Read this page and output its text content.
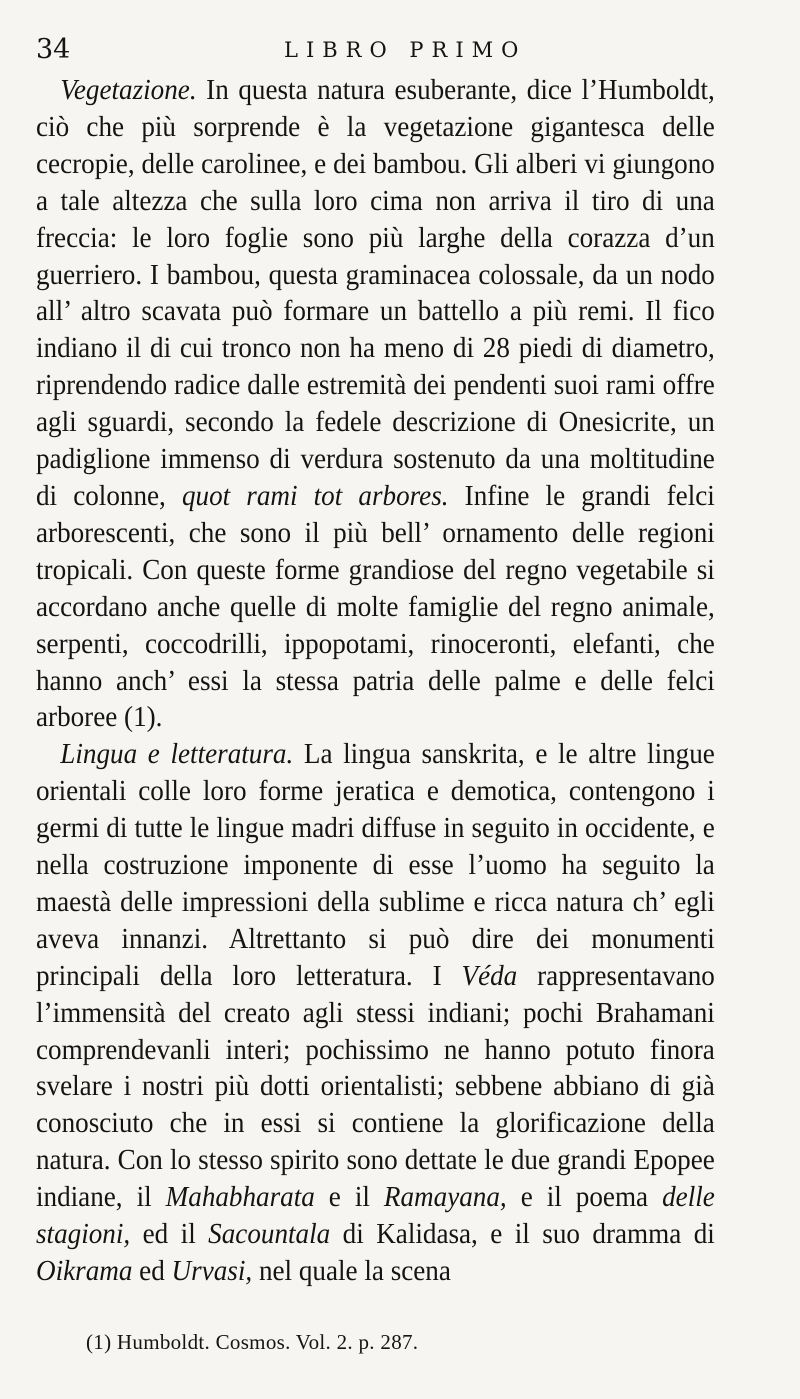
34	LIBRO PRIMO

Vegetazione. In questa natura esuberante, dice l’Humboldt, ciò che più sorprende è la vegetazione gigantesca delle cecropie, delle carolinee, e dei bambou. Gli alberi vi giungono a tale altezza che sulla loro cima non arriva il tiro di una freccia: le loro foglie sono più larghe della corazza d’un guerriero. I bambou, questa graminacea colossale, da un nodo all’ altro scavata può formare un battello a più remi. Il fico indiano il di cui tronco non ha meno di 28 piedi di diametro, riprendendo radice dalle estremità dei pendenti suoi rami offre agli sguardi, secondo la fedele descrizione di Onesicrite, un padiglione immenso di verdura sostenuto da una moltitudine di colonne, quot rami tot arbores. Infine le grandi felci arborescenti, che sono il più bell’ ornamento delle regioni tropicali. Con queste forme grandiose del regno vegetabile si accordano anche quelle di molte famiglie del regno animale, serpenti, coccodrilli, ippopotami, rinoceronti, elefanti, che hanno anch’ essi la stessa patria delle palme e delle felci arboree (1).

Lingua e letteratura. La lingua sanskrita, e le altre lingue orientali colle loro forme jeratica e demotica, contengono i germi di tutte le lingue madri diffuse in seguito in occidente, e nella costruzione imponente di esse l’uomo ha seguito la maestà delle impressioni della sublime e ricca natura ch’ egli aveva innanzi. Altrettanto si può dire dei monumenti principali della loro letteratura. I Véda rappresentavano l’immensità del creato agli stessi indiani; pochi Brahamani comprendevanli interi; pochissimo ne hanno potuto finora svelare i nostri più dotti orientalisti; sebbene abbiano di già conosciuto che in essi si contiene la glorificazione della natura. Con lo stesso spirito sono dettate le due grandi Epopee indiane, il Mahabharata e il Ramayana, e il poema delle stagioni, ed il Sacountala di Kalidasa, e il suo dramma di Oikrama ed Urvasi, nel quale la scena

(1) Humboldt. Cosmos. Vol. 2. p. 287.
